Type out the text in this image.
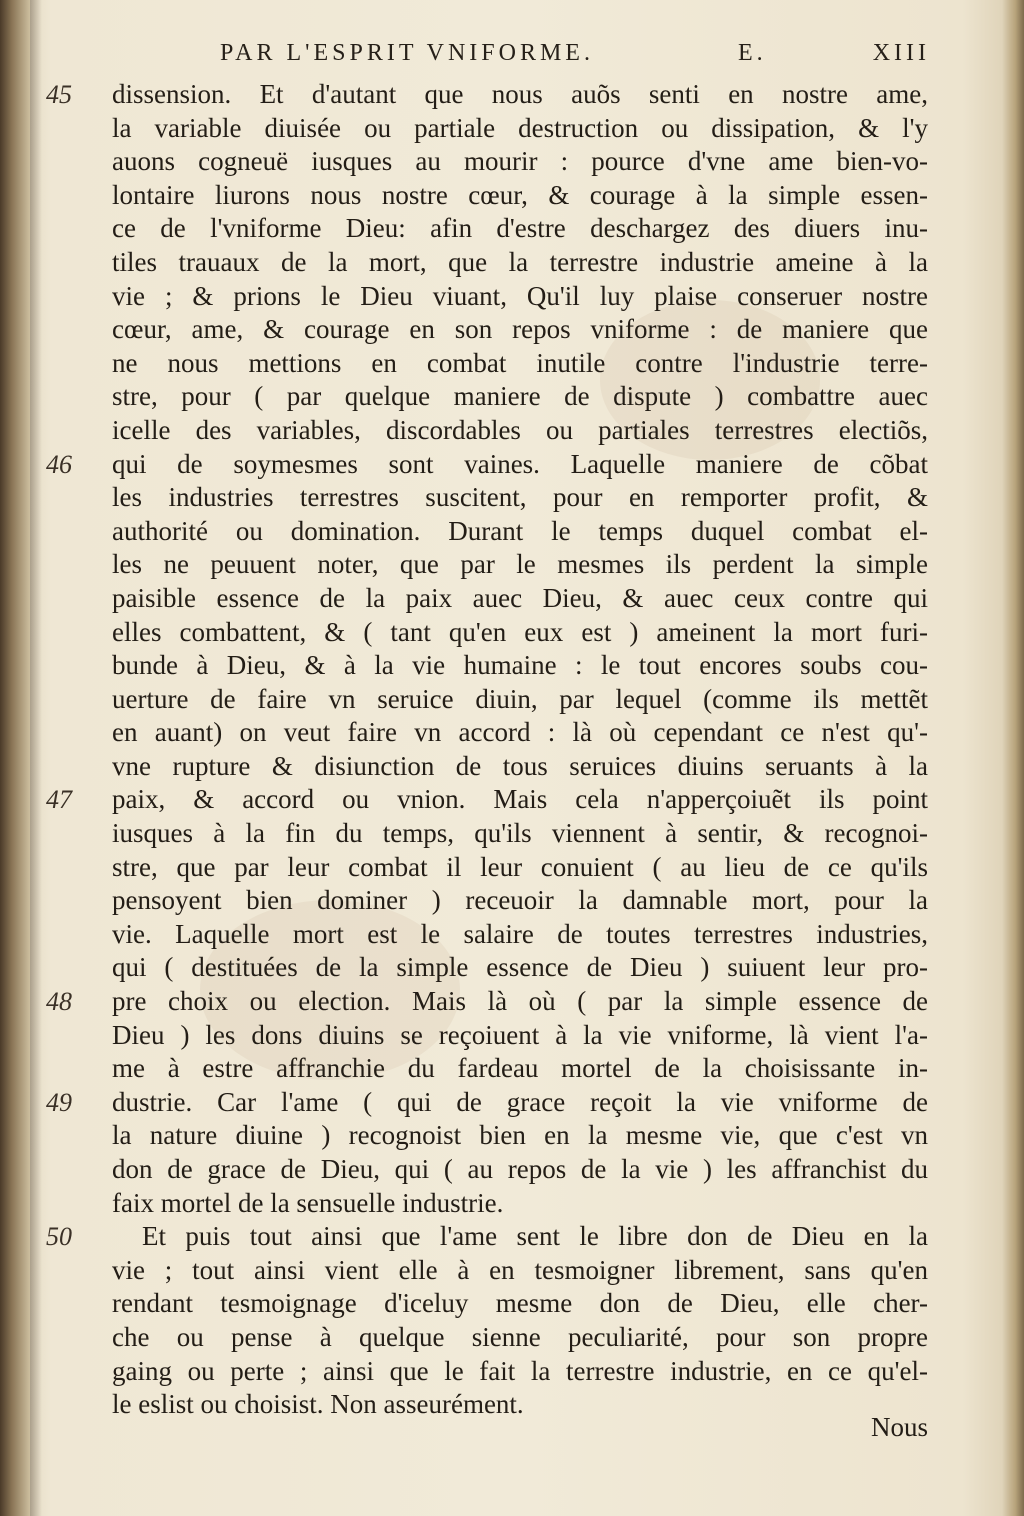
PAR L'ESPRIT VNIFORME.	E.	XIII
45	dissension. Et d'autant que nous auõs senti en nostre ame,
la variable diuisée ou partiale destruction ou dissipation, & l'y
auons cogneuë iusques au mourir : pource d'vne ame bien-vo-
lontaire liurons nous nostre cœur, & courage à la simple essen-
ce de l'vniforme Dieu: afin d'estre deschargez des diuers inu-
tiles trauaux de la mort, que la terrestre industrie ameine à la
vie ; & prions le Dieu viuant, Qu'il luy plaise conseruer nostre
cœur, ame, & courage en son repos vniforme : de maniere que
ne nous mettions en combat inutile contre l'industrie terre-
stre, pour ( par quelque maniere de dispute ) combattre auec
icelle des variables, discordables ou partiales terrestres electiõs,
46	qui de soymesmes sont vaines. Laquelle maniere de cõbat
les industries terrestres suscitent, pour en remporter profit, &
authorité ou domination. Durant le temps duquel combat el-
les ne peuuent noter, que par le mesmes ils perdent la simple
paisible essence de la paix auec Dieu, & auec ceux contre qui
elles combattent, & ( tant qu'en eux est ) ameinent la mort furi-
bunde à Dieu, & à la vie humaine : le tout encores soubs cou-
uerture de faire vn seruice diuin, par lequel (comme ils mettẽt
en auant) on veut faire vn accord : là où cependant ce n'est qu'-
vne rupture & disiunction de tous seruices diuins seruants à la
47	paix, & accord ou vnion. Mais cela n'apperçoiuẽt ils point
iusques à la fin du temps, qu'ils viennent à sentir, & recognoi-
stre, que par leur combat il leur conuient ( au lieu de ce qu'ils
pensoyent bien dominer ) receuoir la damnable mort, pour la
vie. Laquelle mort est le salaire de toutes terrestres industries,
qui ( destituées de la simple essence de Dieu ) suiuent leur pro-
48	pre choix ou election. Mais là où ( par la simple essence de
Dieu ) les dons diuins se reçoiuent à la vie vniforme, là vient l'a-
me à estre affranchie du fardeau mortel de la choisissante in-
49	dustrie. Car l'ame ( qui de grace reçoit la vie vniforme de
la nature diuine ) recognoist bien en la mesme vie, que c'est vn
don de grace de Dieu, qui ( au repos de la vie ) les affranchist du
faix mortel de la sensuelle industrie.
50	Et puis tout ainsi que l'ame sent le libre don de Dieu en la
vie ; tout ainsi vient elle à en tesmoigner librement, sans qu'en
rendant tesmoignage d'iceluy mesme don de Dieu, elle cher-
che ou pense à quelque sienne peculiarité, pour son propre
gaing ou perte ; ainsi que le fait la terrestre industrie, en ce qu'el-
le eslist ou choisist. Non asseurément.
Nous
